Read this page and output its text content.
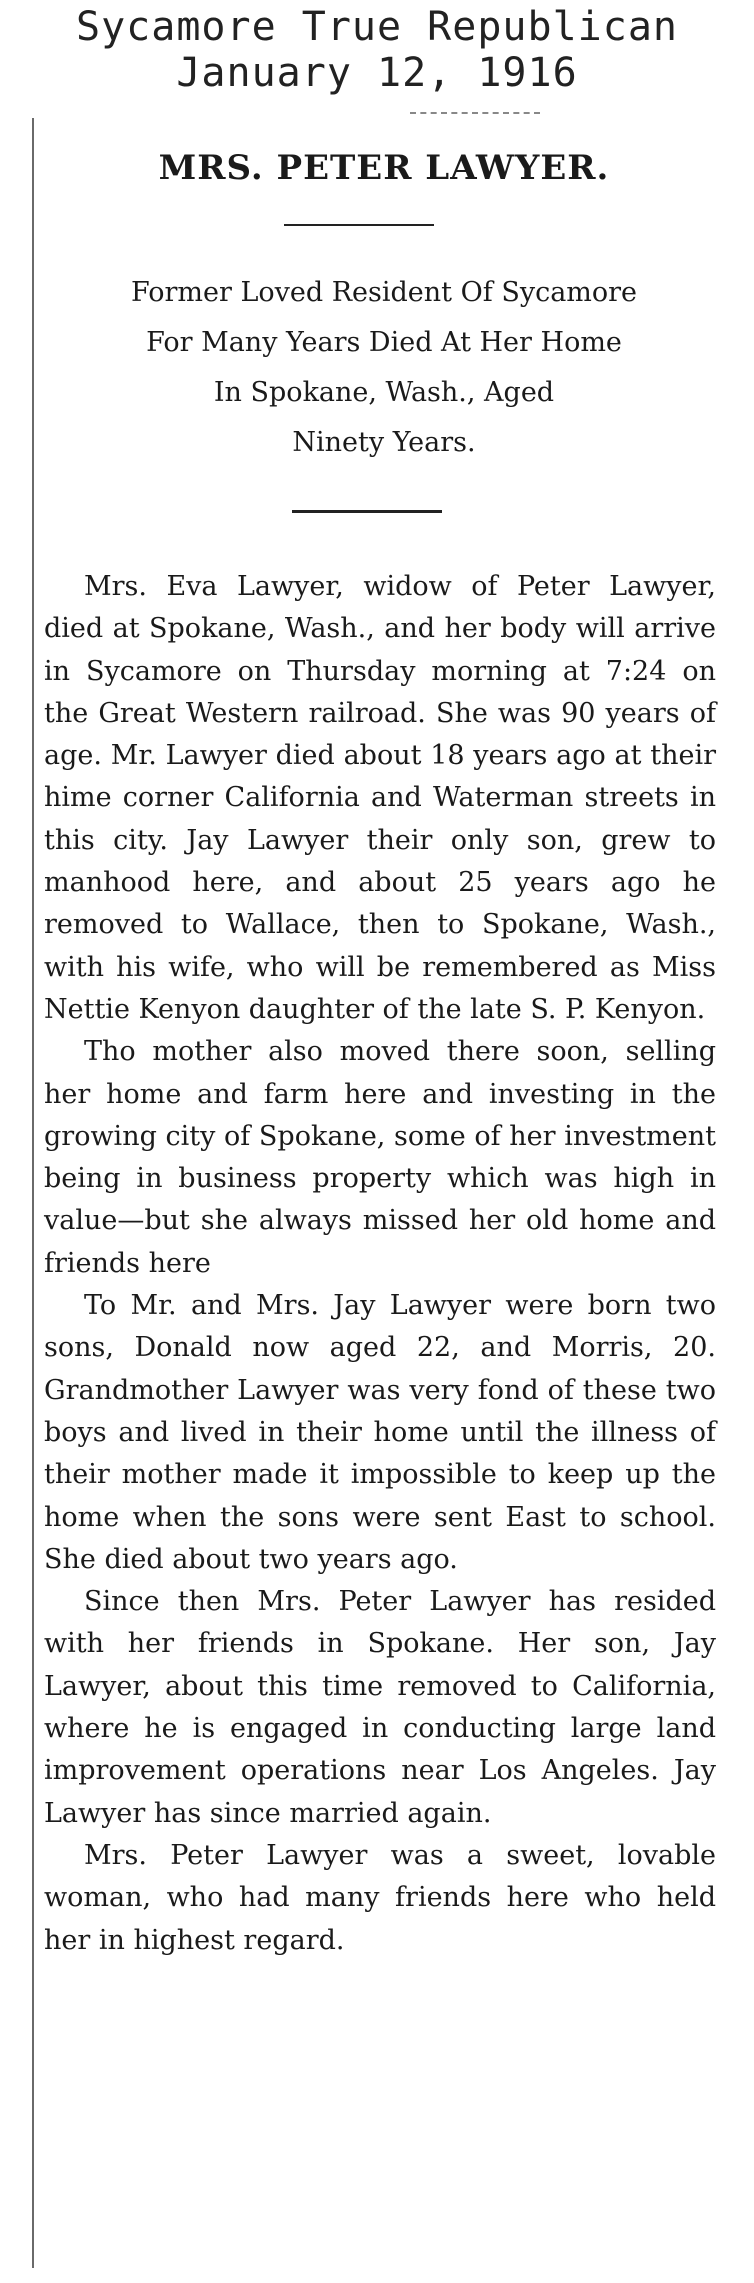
Sycamore True Republican
January 12, 1916
MRS. PETER LAWYER.
Former Loved Resident Of Sycamore
For Many Years Died At Her Home
In Spokane, Wash., Aged
Ninety Years.

Mrs. Eva Lawyer, widow of Peter Lawyer, died at Spokane, Wash., and her body will arrive in Sycamore on Thursday morning at 7:24 on the Great Western railroad. She was 90 years of age. Mr. Lawyer died about 18 years ago at their hime corner California and Waterman streets in this city. Jay Lawyer their only son, grew to manhood here, and about 25 years ago he removed to Wallace, then to Spokane, Wash., with his wife, who will be remembered as Miss Nettie Kenyon daughter of the late S. P. Kenyon.

Tho mother also moved there soon, selling her home and farm here and investing in the growing city of Spokane, some of her investment being in business property which was high in value—but she always missed her old home and friends here

To Mr. and Mrs. Jay Lawyer were born two sons, Donald now aged 22, and Morris, 20. Grandmother Lawyer was very fond of these two boys and lived in their home until the illness of their mother made it impossible to keep up the home when the sons were sent East to school. She died about two years ago.

Since then Mrs. Peter Lawyer has resided with her friends in Spokane. Her son, Jay Lawyer, about this time removed to California, where he is engaged in conducting large land improvement operations near Los Angeles. Jay Lawyer has since married again.

Mrs. Peter Lawyer was a sweet, lovable woman, who had many friends here who held her in highest regard.
